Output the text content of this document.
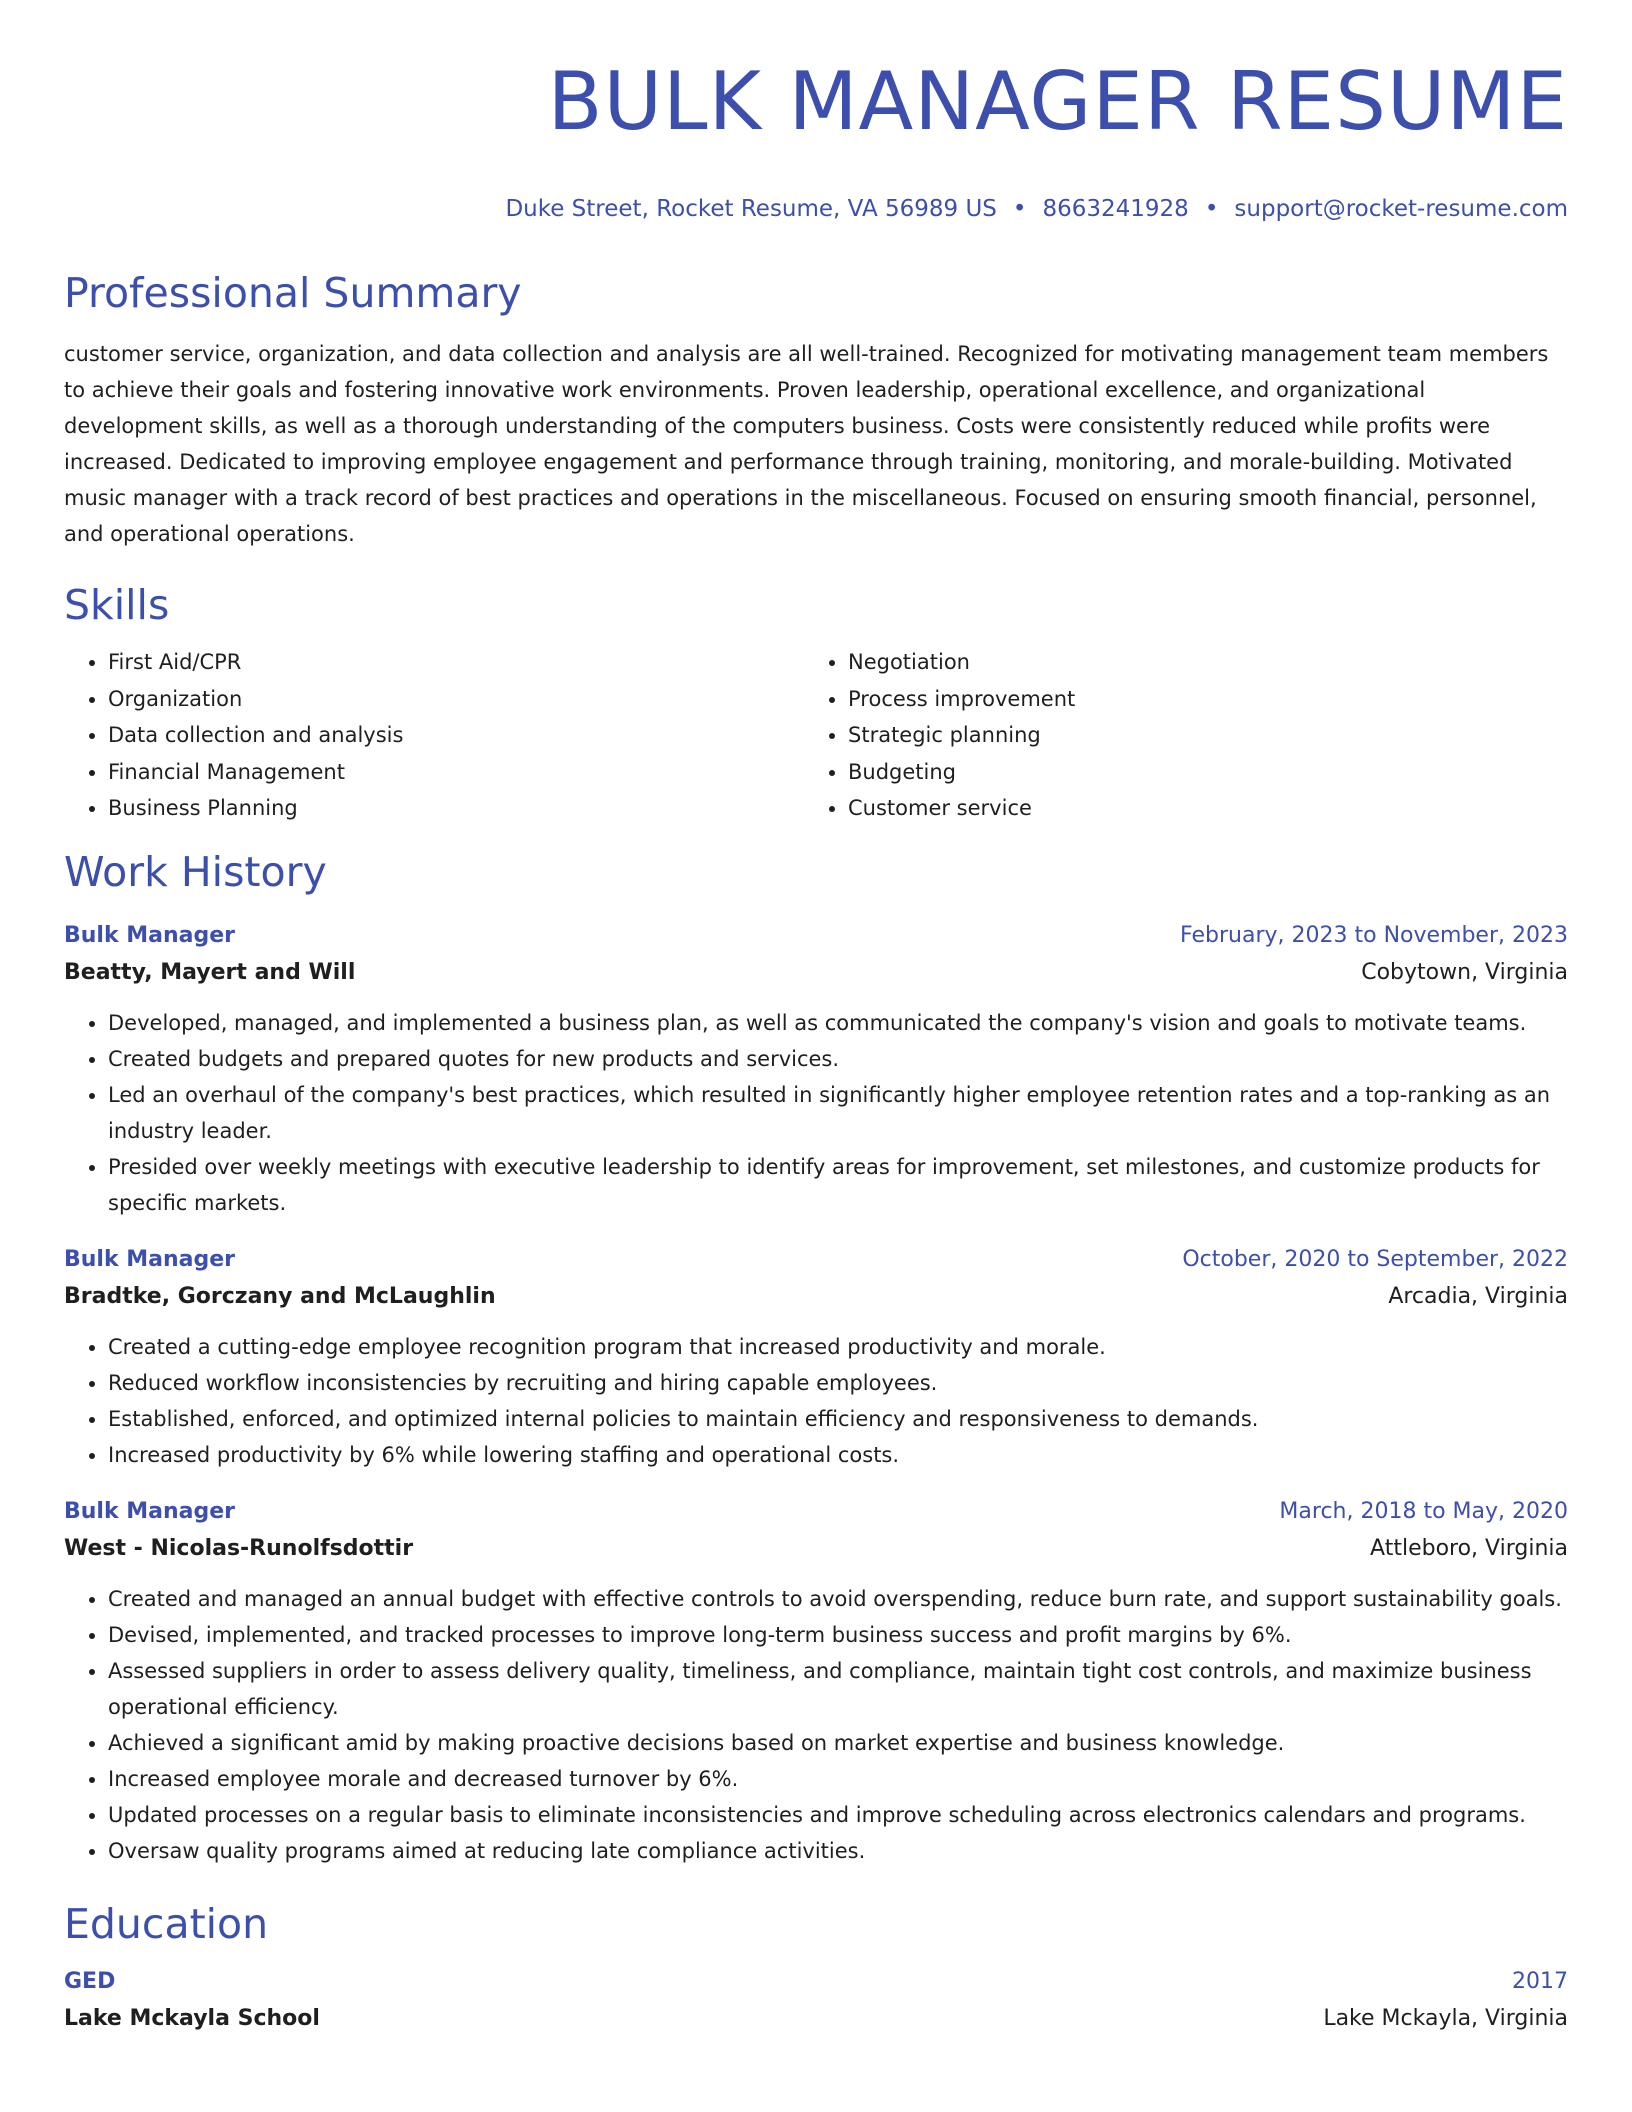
BULK MANAGER RESUME
Duke Street, Rocket Resume, VA 56989 US • 8663241928 • support@rocket-resume.com
Professional Summary
customer service, organization, and data collection and analysis are all well-trained. Recognized for motivating management team members to achieve their goals and fostering innovative work environments. Proven leadership, operational excellence, and organizational development skills, as well as a thorough understanding of the computers business. Costs were consistently reduced while profits were increased. Dedicated to improving employee engagement and performance through training, monitoring, and morale-building. Motivated music manager with a track record of best practices and operations in the miscellaneous. Focused on ensuring smooth financial, personnel, and operational operations.
Skills
• First Aid/CPR
• Organization
• Data collection and analysis
• Financial Management
• Business Planning
• Negotiation
• Process improvement
• Strategic planning
• Budgeting
• Customer service
Work History
Bulk Manager	February, 2023 to November, 2023
Beatty, Mayert and Will	Cobytown, Virginia
• Developed, managed, and implemented a business plan, as well as communicated the company's vision and goals to motivate teams.
• Created budgets and prepared quotes for new products and services.
• Led an overhaul of the company's best practices, which resulted in significantly higher employee retention rates and a top-ranking as an industry leader.
• Presided over weekly meetings with executive leadership to identify areas for improvement, set milestones, and customize products for specific markets.
Bulk Manager	October, 2020 to September, 2022
Bradtke, Gorczany and McLaughlin	Arcadia, Virginia
• Created a cutting-edge employee recognition program that increased productivity and morale.
• Reduced workflow inconsistencies by recruiting and hiring capable employees.
• Established, enforced, and optimized internal policies to maintain efficiency and responsiveness to demands.
• Increased productivity by 6% while lowering staffing and operational costs.
Bulk Manager	March, 2018 to May, 2020
West - Nicolas-Runolfsdottir	Attleboro, Virginia
• Created and managed an annual budget with effective controls to avoid overspending, reduce burn rate, and support sustainability goals.
• Devised, implemented, and tracked processes to improve long-term business success and profit margins by 6%.
• Assessed suppliers in order to assess delivery quality, timeliness, and compliance, maintain tight cost controls, and maximize business operational efficiency.
• Achieved a significant amid by making proactive decisions based on market expertise and business knowledge.
• Increased employee morale and decreased turnover by 6%.
• Updated processes on a regular basis to eliminate inconsistencies and improve scheduling across electronics calendars and programs.
• Oversaw quality programs aimed at reducing late compliance activities.
Education
GED	2017
Lake Mckayla School	Lake Mckayla, Virginia
